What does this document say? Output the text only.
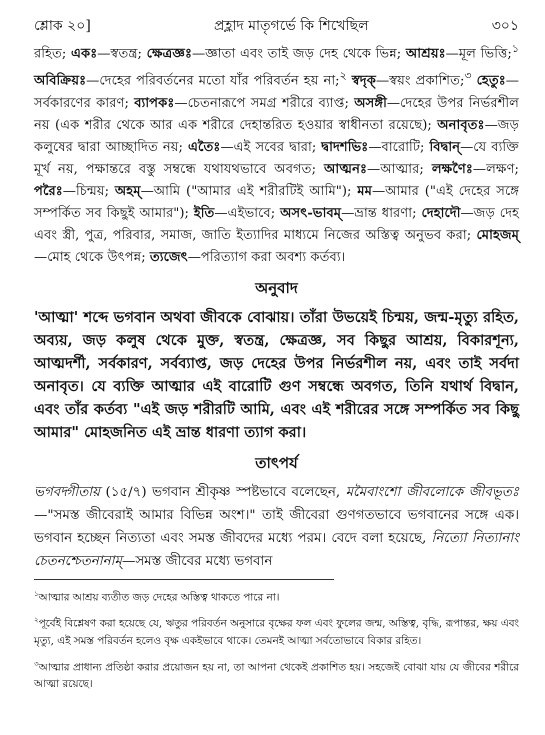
শ্লোক ২০]	প্রহ্লাদ মাতৃগর্ভে কি শিখেছিল	৩০১
রহিত; একঃ—স্বতন্ত্র; ক্ষেত্রজ্ঞঃ—জ্ঞাতা এবং তাই জড় দেহ থেকে ভিন্ন; আশ্রয়ঃ—মূল ভিত্তি;$^১$ অবিক্রিয়ঃ—দেহের পরিবর্তনের মতো যাঁর পরিবর্তন হয় না;$^২$ স্বদৃক্—স্বয়ং প্রকাশিত;$^৩$ হেতুঃ—সর্বকারণের কারণ; ব্যাপকঃ—চেতনারূপে সমগ্র শরীরে ব্যাপ্ত; অসঙ্গী—দেহের উপর নির্ভরশীল নয় (এক শরীর থেকে আর এক শরীরে দেহান্তরিত হওয়ার স্বাধীনতা রয়েছে); অনাবৃতঃ—জড় কলুষের দ্বারা আচ্ছাদিত নয়; এতৈঃ—এই সবের দ্বারা; দ্বাদশভিঃ—বারোটি; বিদ্বান্—যে ব্যক্তি মূর্খ নয়, পক্ষান্তরে বস্তু সম্বন্ধে যথাযথভাবে অবগত; আত্মনঃ—আত্মার; লক্ষণৈঃ—লক্ষণ; পরৈঃ—চিন্ময়; অহম্—আমি ("আমার এই শরীরটিই আমি"); মম—আমার ("এই দেহের সঙ্গে সম্পর্কিত সব কিছুই আমার"); ইতি—এইভাবে; অসৎ-ভাবম্—ভ্রান্ত ধারণা; দেহাদৌ—জড় দেহ এবং স্ত্রী, পুত্র, পরিবার, সমাজ, জাতি ইত্যাদির মাধ্যমে নিজের অস্তিত্ব অনুভব করা; মোহজম্—মোহ থেকে উৎপন্ন; ত্যজেৎ—পরিত্যাগ করা অবশ্য কর্তব্য।
অনুবাদ

'আত্মা' শব্দে ভগবান অথবা জীবকে বোঝায়। তাঁরা উভয়েই চিন্ময়, জন্ম-মৃত্যু রহিত, অব্যয়, জড় কলুষ থেকে মুক্ত, স্বতন্ত্র, ক্ষেত্রজ্ঞ, সব কিছুর আশ্রয়, বিকারশূন্য, আত্মদর্শী, সর্বকারণ, সর্বব্যাপ্ত, জড় দেহের উপর নির্ভরশীল নয়, এবং তাই সর্বদা অনাবৃত। যে ব্যক্তি আত্মার এই বারোটি গুণ সম্বন্ধে অবগত, তিনি যথার্থ বিদ্বান, এবং তাঁর কর্তব্য "এই জড় শরীরটি আমি, এবং এই শরীরের সঙ্গে সম্পর্কিত সব কিছু আমার" মোহজনিত এই ভ্রান্ত ধারণা ত্যাগ করা।

তাৎপর্য

ভগবদ্গীতায় (১৫/৭) ভগবান শ্রীকৃষ্ণ স্পষ্টভাবে বলেছেন, মমৈবাংশো জীবলোকে জীবভূতঃ—"সমস্ত জীবেরাই আমার বিভিন্ন অংশ।" তাই জীবেরা গুণগতভাবে ভগবানের সঙ্গে এক। ভগবান হচ্ছেন নিত্যতা এবং সমস্ত জীবদের মধ্যে পরম। বেদে বলা হয়েছে, নিত্যো নিত্যানাং চেতনশ্চেতনানাম্—সমস্ত জীবের মধ্যে ভগবান

$^১$আত্মার আশ্রয় ব্যতীত জড় দেহের অস্তিত্ব থাকতে পারে না।

$^২$পূর্বেই বিশ্লেষণ করা হয়েছে যে, ঋতুর পরিবর্তন অনুসারে বৃক্ষের ফল এবং ফুলের জন্ম, অস্তিত্ব, বৃদ্ধি, রূপান্তর, ক্ষয় এবং মৃত্যু, এই সমস্ত পরিবর্তন হলেও বৃক্ষ একইভাবে থাকে। তেমনই আত্মা সর্বতোভাবে বিকার রহিত।

$^৩$আত্মার প্রাধান্য প্রতিষ্ঠা করার প্রয়োজন হয় না, তা আপনা থেকেই প্রকাশিত হয়। সহজেই বোঝা যায় যে জীবের শরীরে আত্মা রয়েছে।
